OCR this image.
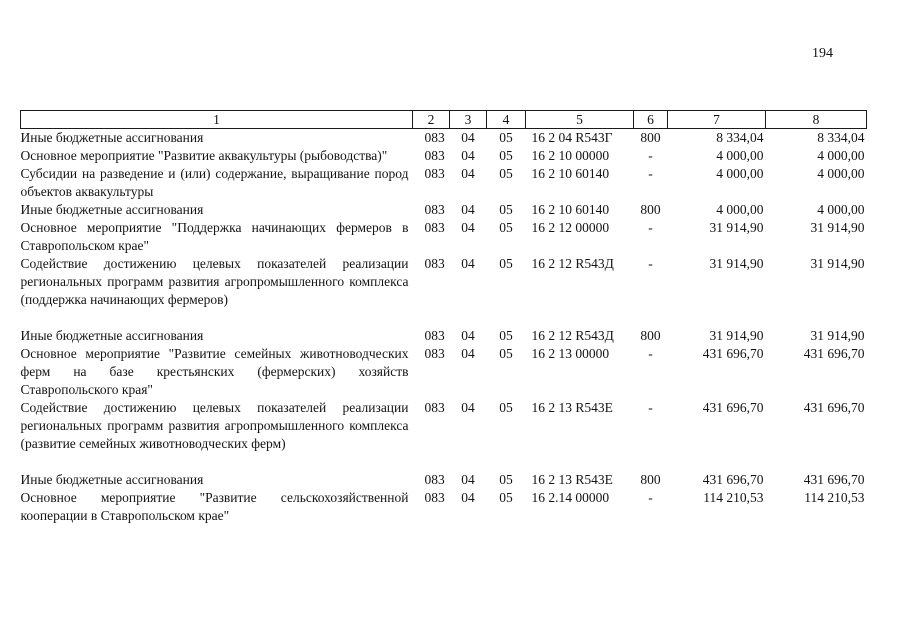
194
1	2	3	4	5	6	7	8
Иные бюджетные ассигнования	083	04	05	16 2 04 R543Г	800	8 334,04	8 334,04
Основное мероприятие "Развитие аквакультуры (рыбоводства)"	083	04	05	16 2 10 00000	-	4 000,00	4 000,00
Субсидии на разведение и (или) содержание, выращивание пород объектов аквакультуры	083	04	05	16 2 10 60140	-	4 000,00	4 000,00
Иные бюджетные ассигнования	083	04	05	16 2 10 60140	800	4 000,00	4 000,00
Основное мероприятие "Поддержка начинающих фермеров в Ставропольском крае"	083	04	05	16 2 12 00000	-	31 914,90	31 914,90
Содействие достижению целевых показателей реализации региональных программ развития агропромышленного комплекса (поддержка начинающих фермеров)	083	04	05	16 2 12 R543Д	-	31 914,90	31 914,90
Иные бюджетные ассигнования	083	04	05	16 2 12 R543Д	800	31 914,90	31 914,90
Основное мероприятие "Развитие семейных животноводческих ферм на базе крестьянских (фермерских) хозяйств Ставропольского края"	083	04	05	16 2 13 00000	-	431 696,70	431 696,70
Содействие достижению целевых показателей реализации региональных программ развития агропромышленного комплекса (развитие семейных животноводческих ферм)	083	04	05	16 2 13 R543Е	-	431 696,70	431 696,70
Иные бюджетные ассигнования	083	04	05	16 2 13 R543Е	800	431 696,70	431 696,70
Основное мероприятие "Развитие сельскохозяйственной кооперации в Ставропольском крае"	083	04	05	16 2.14 00000	-	114 210,53	114 210,53
